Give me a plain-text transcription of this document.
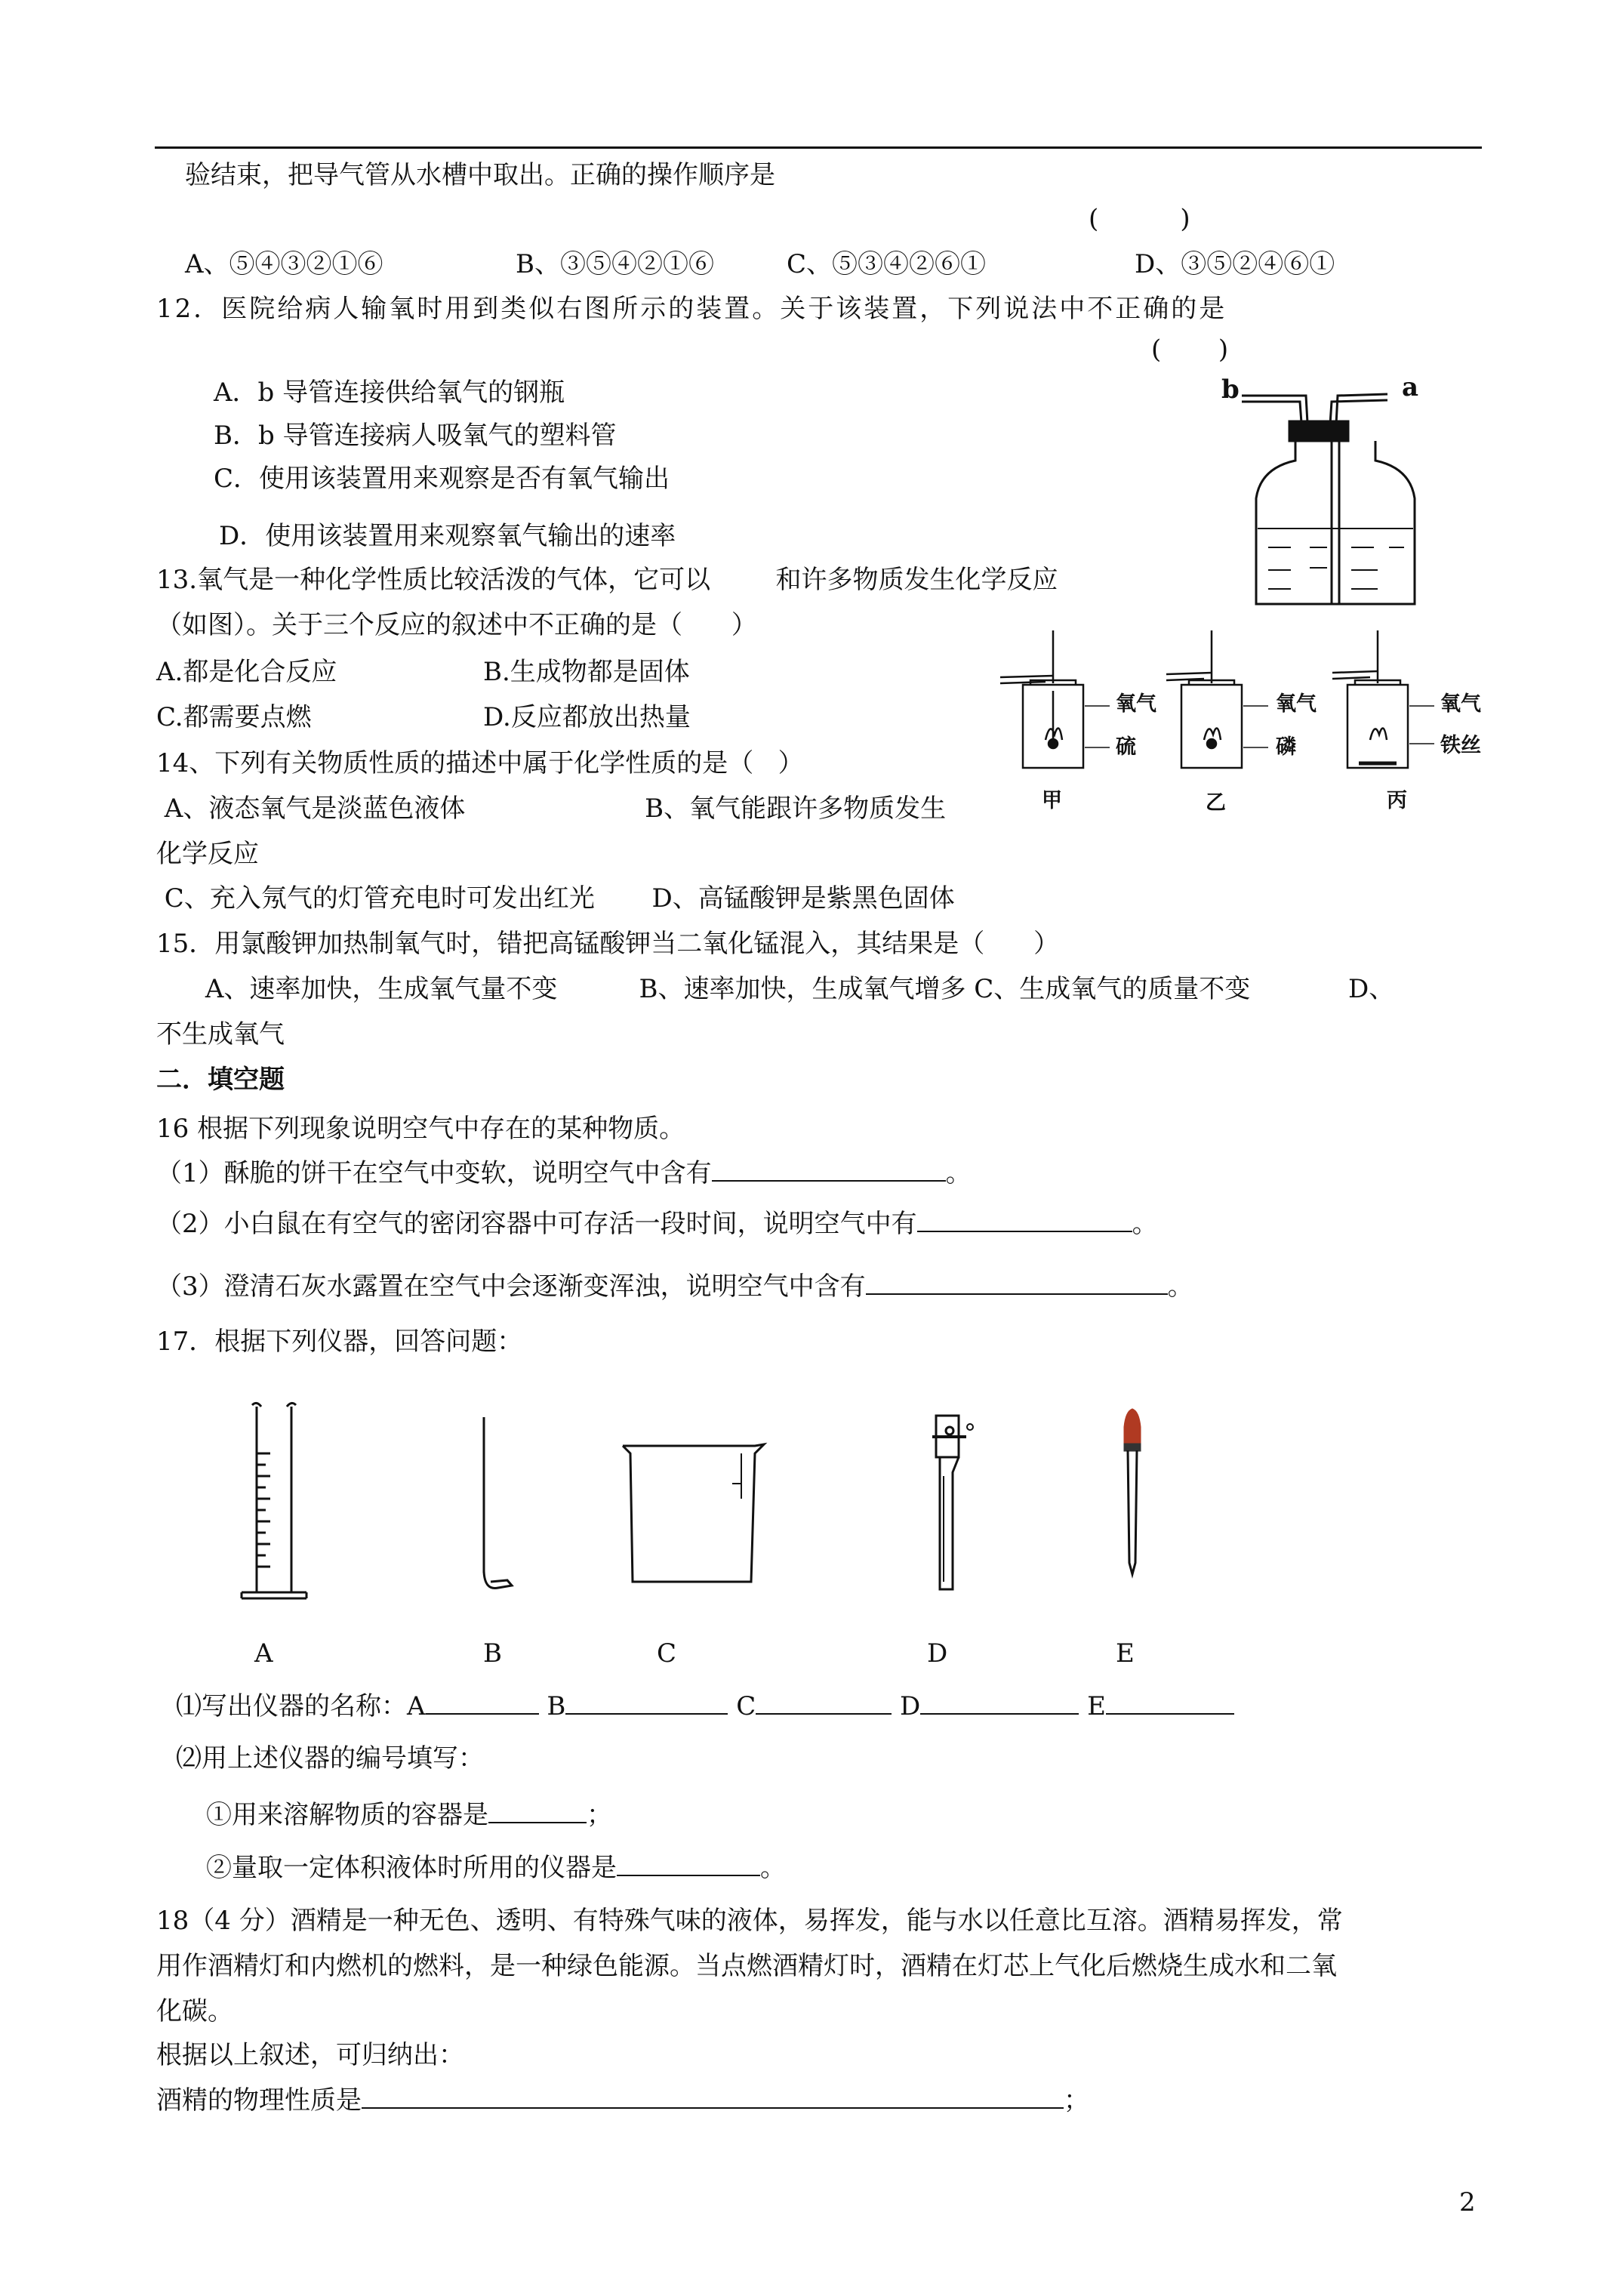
验结束，把导气管从水槽中取出。正确的操作顺序是
(          )
A、⑤④③②①⑥	B、③⑤④②①⑥	C、⑤③④②⑥①	D、③⑤②④⑥①
12．医院给病人输氧时用到类似右图所示的装置。关于该装置，下列说法中不正确的是
(       )
A．b 导管连接供给氧气的钢瓶
B．b 导管连接病人吸氧气的塑料管
C．使用该装置用来观察是否有氧气输出
D．使用该装置用来观察氧气输出的速率
b	a
13.氧气是一种化学性质比较活泼的气体，它可以        和许多物质发生化学反应
（如图）。关于三个反应的叙述中不正确的是（      ）
A.都是化合反应	B.生成物都是固体
C.都需要点燃	D.反应都放出热量	氧气
硫
氧气
磷
氧气
铁丝
甲	乙	丙
14、下列有关物质性质的描述中属于化学性质的是（   ）
A、液态氧气是淡蓝色液体                      B、氧气能跟许多物质发生
化学反应
C、充入氖气的灯管充电时可发出红光       D、高锰酸钾是紫黑色固体
15．用氯酸钾加热制氧气时，错把高锰酸钾当二氧化锰混入，其结果是（      ）
A、速率加快，生成氧气量不变          B、速率加快，生成氧气增多 C、生成氧气的质量不变            D、
不生成氧气
二．填空题
16 根据下列现象说明空气中存在的某种物质。
（1）酥脆的饼干在空气中变软，说明空气中含有	。
（2）小白鼠在有空气的密闭容器中可存活一段时间，说明空气中有	。
（3）澄清石灰水露置在空气中会逐渐变浑浊，说明空气中含有	。
17．根据下列仪器，回答问题：
A	B	C	D	E
⑴写出仪器的名称：A	B	C	D	E
⑵用上述仪器的编号填写：
①用来溶解物质的容器是	；
②量取一定体积液体时所用的仪器是	。
18（4 分）酒精是一种无色、透明、有特殊气味的液体，易挥发，能与水以任意比互溶。酒精易挥发，常
用作酒精灯和内燃机的燃料，是一种绿色能源。当点燃酒精灯时，酒精在灯芯上气化后燃烧生成水和二氧
化碳。
根据以上叙述，可归纳出：
酒精的物理性质是	；
2
